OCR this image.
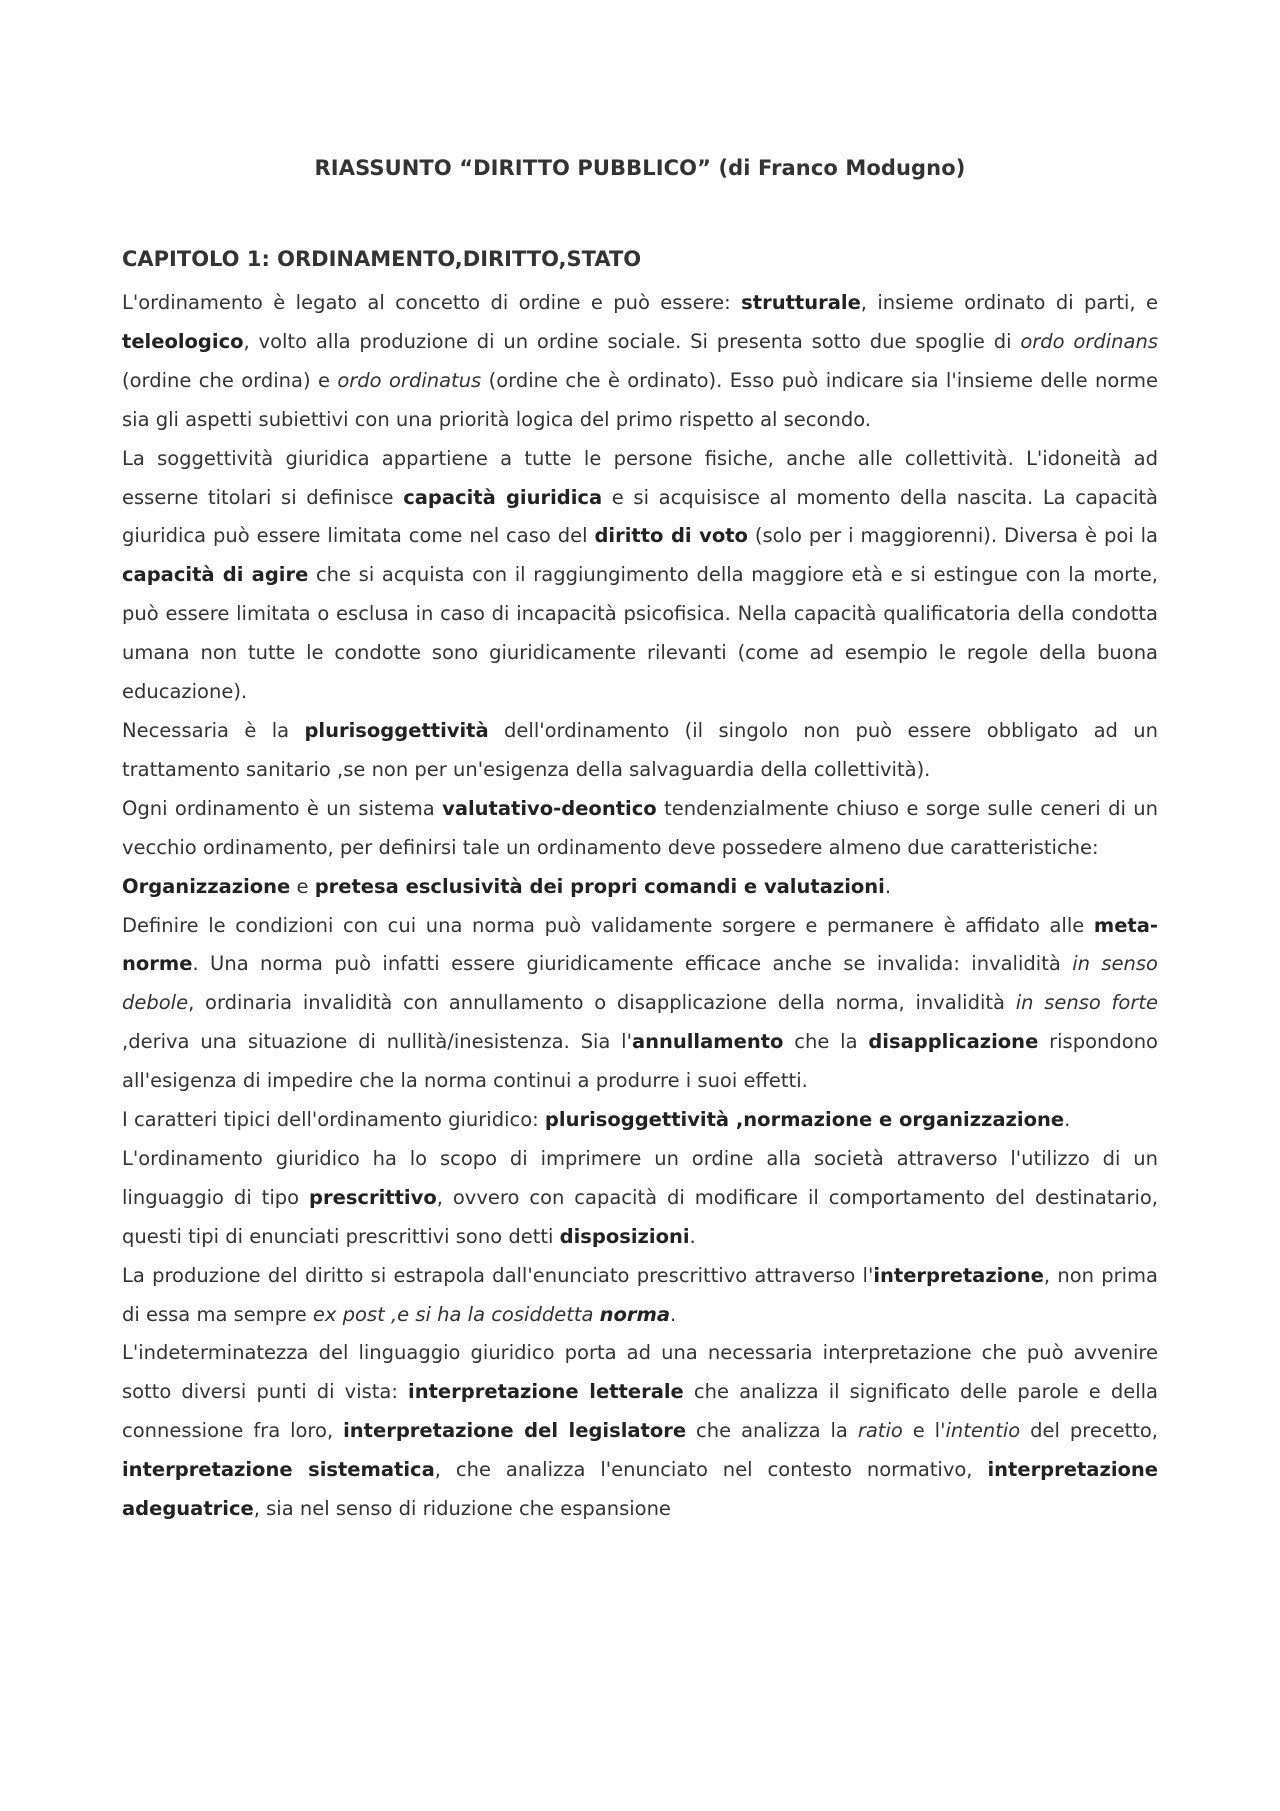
RIASSUNTO “DIRITTO PUBBLICO” (di Franco Modugno)
CAPITOLO 1: ORDINAMENTO,DIRITTO,STATO

L'ordinamento è legato al concetto di ordine e può essere: strutturale, insieme ordinato di parti, e teleologico, volto alla produzione di un ordine sociale. Si presenta sotto due spoglie di ordo ordinans (ordine che ordina) e ordo ordinatus (ordine che è ordinato). Esso può indicare sia l'insieme delle norme sia gli aspetti subiettivi con una priorità logica del primo rispetto al secondo.

La soggettività giuridica appartiene a tutte le persone fisiche, anche alle collettività. L'idoneità ad esserne titolari si definisce capacità giuridica e si acquisisce al momento della nascita. La capacità giuridica può essere limitata come nel caso del diritto di voto (solo per i maggiorenni). Diversa è poi la capacità di agire che si acquista con il raggiungimento della maggiore età e si estingue con la morte, può essere limitata o esclusa in caso di incapacità psicofisica. Nella capacità qualificatoria della condotta umana non tutte le condotte sono giuridicamente rilevanti (come ad esempio le regole della buona educazione).

Necessaria è la plurisoggettività dell'ordinamento (il singolo non può essere obbligato ad un trattamento sanitario ,se non per un'esigenza della salvaguardia della collettività).

Ogni ordinamento è un sistema valutativo-deontico tendenzialmente chiuso e sorge sulle ceneri di un vecchio ordinamento, per definirsi tale un ordinamento deve possedere almeno due caratteristiche:

Organizzazione e pretesa esclusività dei propri comandi e valutazioni.

Definire le condizioni con cui una norma può validamente sorgere e permanere è affidato alle meta-norme. Una norma può infatti essere giuridicamente efficace anche se invalida: invalidità in senso debole, ordinaria invalidità con annullamento o disapplicazione della norma, invalidità in senso forte ,deriva una situazione di nullità/inesistenza. Sia l'annullamento che la disapplicazione rispondono all'esigenza di impedire che la norma continui a produrre i suoi effetti.

I caratteri tipici dell'ordinamento giuridico: plurisoggettività ,normazione e organizzazione.

L'ordinamento giuridico ha lo scopo di imprimere un ordine alla società attraverso l'utilizzo di un linguaggio di tipo prescrittivo, ovvero con capacità di modificare il comportamento del destinatario, questi tipi di enunciati prescrittivi sono detti disposizioni.

La produzione del diritto si estrapola dall'enunciato prescrittivo attraverso l'interpretazione, non prima di essa ma sempre ex post ,e si ha la cosiddetta norma.

L'indeterminatezza del linguaggio giuridico porta ad una necessaria interpretazione che può avvenire sotto diversi punti di vista: interpretazione letterale che analizza il significato delle parole e della connessione fra loro, interpretazione del legislatore che analizza la ratio e l'intentio del precetto, interpretazione sistematica, che analizza l'enunciato nel contesto normativo, interpretazione adeguatrice, sia nel senso di riduzione che espansione
